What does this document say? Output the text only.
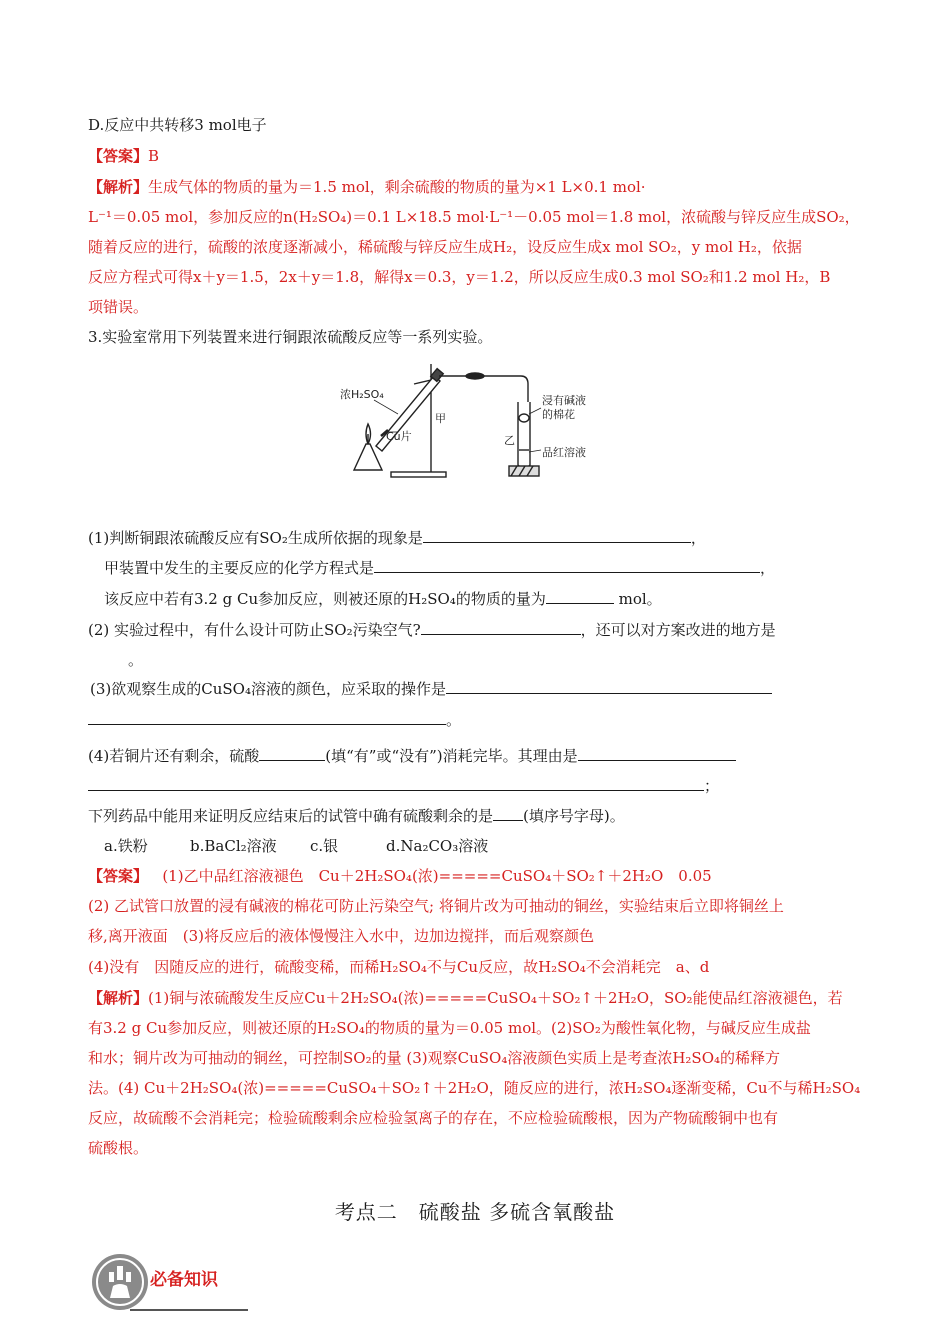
D.反应中共转移3 mol电子
【答案】B
【解析】生成气体的物质的量为＝1.5 mol，剩余硫酸的物质的量为×1 L×0.1 mol·
L⁻¹＝0.05 mol，参加反应的n(H₂SO₄)＝0.1 L×18.5 mol·L⁻¹－0.05 mol＝1.8 mol，浓硫酸与锌反应生成SO₂，
随着反应的进行，硫酸的浓度逐渐减小，稀硫酸与锌反应生成H₂，设反应生成x mol SO₂，y mol H₂，依据
反应方程式可得x＋y＝1.5，2x＋y＝1.8，解得x＝0.3，y＝1.2，所以反应生成0.3 mol SO₂和1.2 mol H₂，B
项错误。
3.实验室常用下列装置来进行铜跟浓硫酸反应等一系列实验。
浓H₂SO₄
Cu片
甲
乙
浸有碱液
的棉花
品红溶液
(1)判断铜跟浓硫酸反应有SO₂生成所依据的现象是	，
甲装置中发生的主要反应的化学方程式是	，
该反应中若有3.2 g Cu参加反应，则被还原的H₂SO₄的物质的量为	mol。
(2) 实验过程中，有什么设计可防止SO₂污染空气?	，还可以对方案改进的地方是
。
(3)欲观察生成的CuSO₄溶液的颜色，应采取的操作是
。
(4)若铜片还有剩余，硫酸	(填“有”或“没有”)消耗完毕。其理由是
；
下列药品中能用来证明反应结束后的试管中确有硫酸剩余的是 (填序号字母)。
a.铁粉	b.BaCl₂溶液 c.银	d.Na₂CO₃溶液
【答案】 (1)乙中品红溶液褪色　Cu＋2H₂SO₄(浓)=====CuSO₄＋SO₂↑＋2H₂O　0.05
(2) 乙试管口放置的浸有碱液的棉花可防止污染空气; 将铜片改为可抽动的铜丝，实验结束后立即将铜丝上
移,离开液面　(3)将反应后的液体慢慢注入水中，边加边搅拌，而后观察颜色
(4)没有　因随反应的进行，硫酸变稀，而稀H₂SO₄不与Cu反应，故H₂SO₄不会消耗完　a、d
【解析】(1)铜与浓硫酸发生反应Cu＋2H₂SO₄(浓)=====CuSO₄＋SO₂↑＋2H₂O，SO₂能使品红溶液褪色，若
有3.2 g Cu参加反应，则被还原的H₂SO₄的物质的量为＝0.05 mol。(2)SO₂为酸性氧化物，与碱反应生成盐
和水；铜片改为可抽动的铜丝，可控制SO₂的量 (3)观察CuSO₄溶液颜色实质上是考查浓H₂SO₄的稀释方
法。(4) Cu＋2H₂SO₄(浓)=====CuSO₄＋SO₂↑＋2H₂O，随反应的进行，浓H₂SO₄逐渐变稀，Cu不与稀H₂SO₄
反应，故硫酸不会消耗完；检验硫酸剩余应检验氢离子的存在，不应检验硫酸根，因为产物硫酸铜中也有
硫酸根。
考点二　硫酸盐 多硫含氧酸盐
必备知识
